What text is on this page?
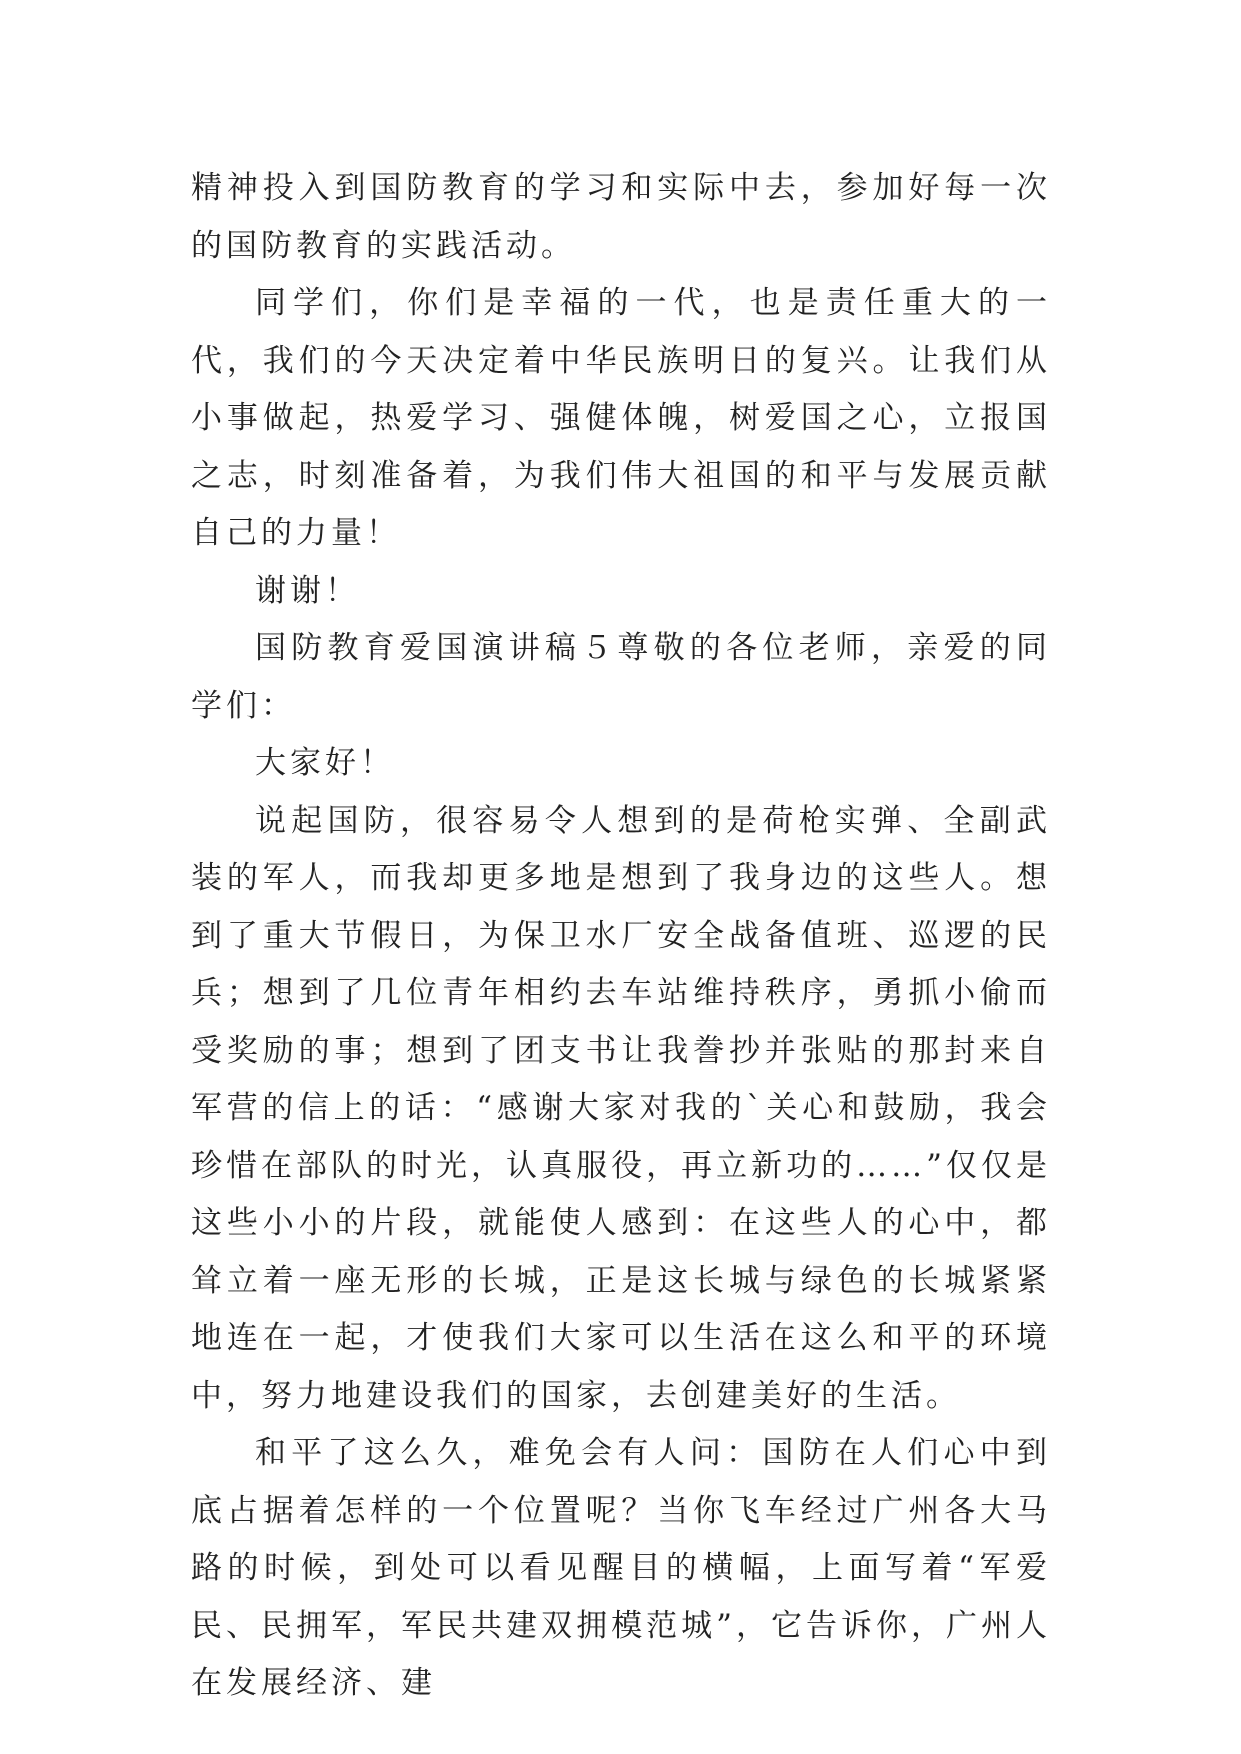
精神投入到国防教育的学习和实际中去，参加好每一次的国防教育的实践活动。

同学们，你们是幸福的一代，也是责任重大的一代，我们的今天决定着中华民族明日的复兴。让我们从小事做起，热爱学习、强健体魄，树爱国之心，立报国之志，时刻准备着，为我们伟大祖国的和平与发展贡献自己的力量！

谢谢！

国防教育爱国演讲稿５尊敬的各位老师，亲爱的同学们：

大家好！

说起国防，很容易令人想到的是荷枪实弹、全副武装的军人，而我却更多地是想到了我身边的这些人。想到了重大节假日，为保卫水厂安全战备值班、巡逻的民兵；想到了几位青年相约去车站维持秩序，勇抓小偷而受奖励的事；想到了团支书让我誊抄并张贴的那封来自军营的信上的话：“感谢大家对我的`关心和鼓励，我会珍惜在部队的时光，认真服役，再立新功的……”仅仅是这些小小的片段，就能使人感到：在这些人的心中，都耸立着一座无形的长城，正是这长城与绿色的长城紧紧地连在一起，才使我们大家可以生活在这么和平的环境中，努力地建设我们的国家，去创建美好的生活。

和平了这么久，难免会有人问：国防在人们心中到底占据着怎样的一个位置呢？当你飞车经过广州各大马路的时候，到处可以看见醒目的横幅，上面写着“军爱民、民拥军，军民共建双拥模范城”，它告诉你，广州人在发展经济、建
